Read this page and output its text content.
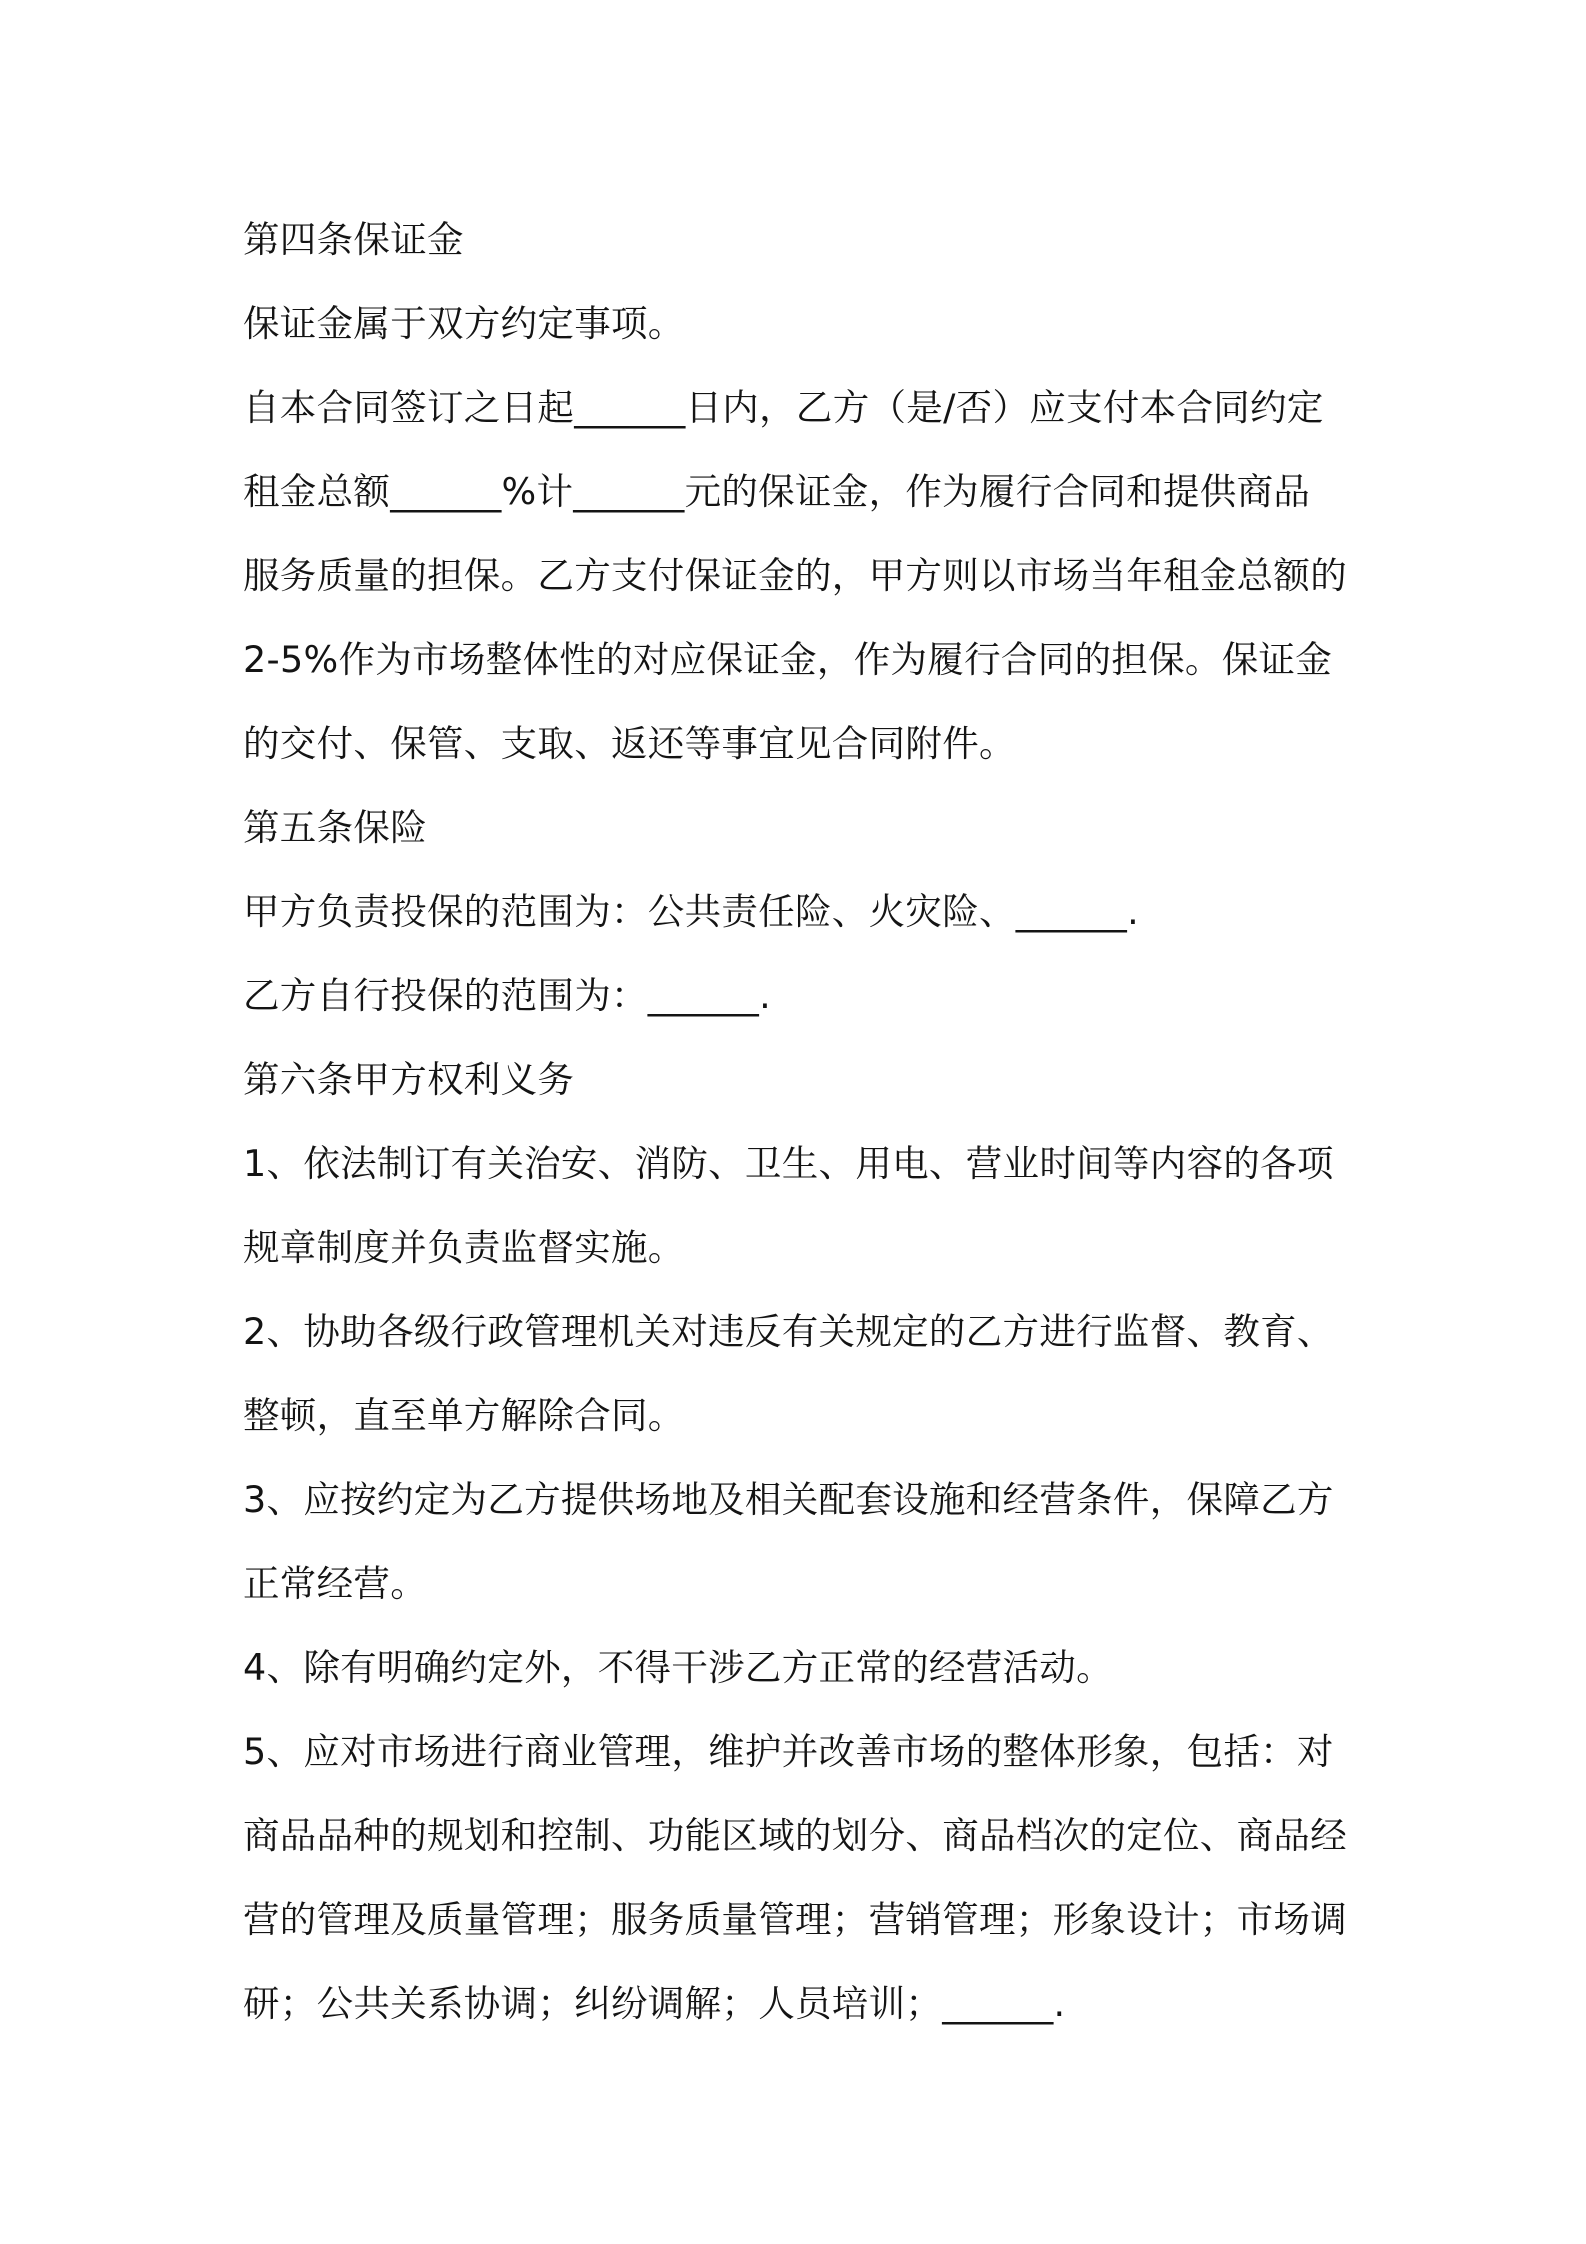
第四条保证金
保证金属于双方约定事项。
自本合同签订之日起______日内，乙方（是/否）应支付本合同约定
租金总额______%计______元的保证金，作为履行合同和提供商品
服务质量的担保。乙方支付保证金的，甲方则以市场当年租金总额的
2-5%作为市场整体性的对应保证金，作为履行合同的担保。保证金
的交付、保管、支取、返还等事宜见合同附件。
第五条保险
甲方负责投保的范围为：公共责任险、火灾险、______.
乙方自行投保的范围为：______.
第六条甲方权利义务
1、依法制订有关治安、消防、卫生、用电、营业时间等内容的各项
规章制度并负责监督实施。
2、协助各级行政管理机关对违反有关规定的乙方进行监督、教育、
整顿，直至单方解除合同。
3、应按约定为乙方提供场地及相关配套设施和经营条件，保障乙方
正常经营。
4、除有明确约定外，不得干涉乙方正常的经营活动。
5、应对市场进行商业管理，维护并改善市场的整体形象，包括：对
商品品种的规划和控制、功能区域的划分、商品档次的定位、商品经
营的管理及质量管理；服务质量管理；营销管理；形象设计；市场调
研；公共关系协调；纠纷调解；人员培训；______.
